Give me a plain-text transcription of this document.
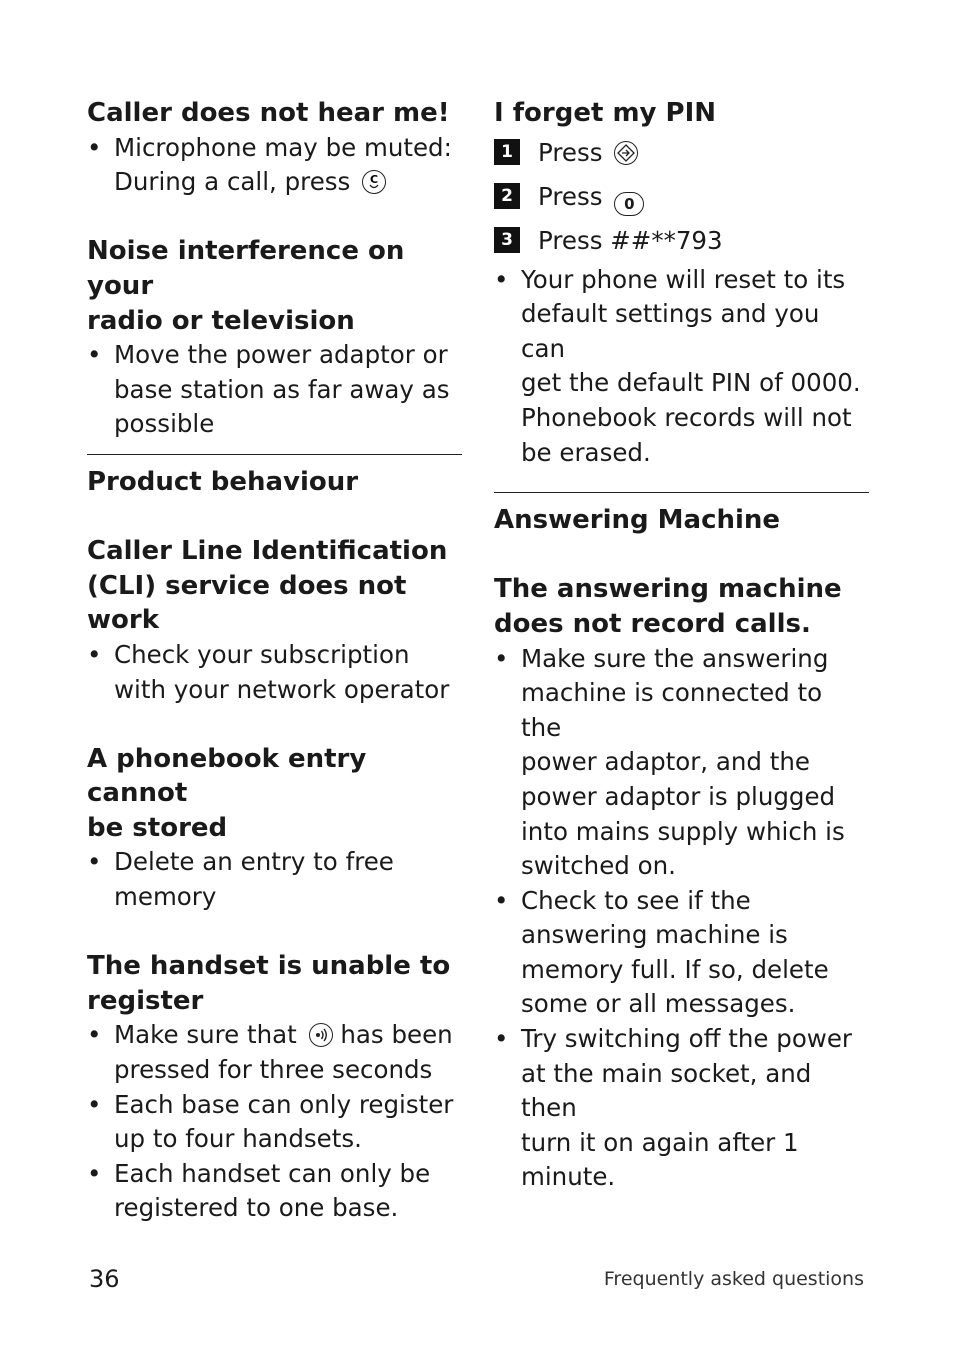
Caller does not hear me!

• Microphone may be muted:
During a call, press C

Noise interference on your

radio or television

• Move the power adaptor or
base station as far away as
possible

Product behaviour

Caller Line Identification

(CLI) service does not

work

• Check your subscription
with your network operator

A phonebook entry cannot

be stored

• Delete an entry to free
memory

The handset is unable to

register

• Make sure that has been
pressed for three seconds
• Each base can only register
up to four handsets.
• Each handset can only be
registered to one base.

I forget my PIN

1 Press
2 Press 0
3 Press ##**793
• Your phone will reset to its
default settings and you can
get the default PIN of 0000.
Phonebook records will not
be erased.

Answering Machine

The answering machine

does not record calls.

• Make sure the answering
machine is connected to the
power adaptor, and the
power adaptor is plugged
into mains supply which is
switched on.
• Check to see if the
answering machine is
memory full. If so, delete
some or all messages.
• Try switching off the power
at the main socket, and then
turn it on again after 1
minute.
36	Frequently asked questions
